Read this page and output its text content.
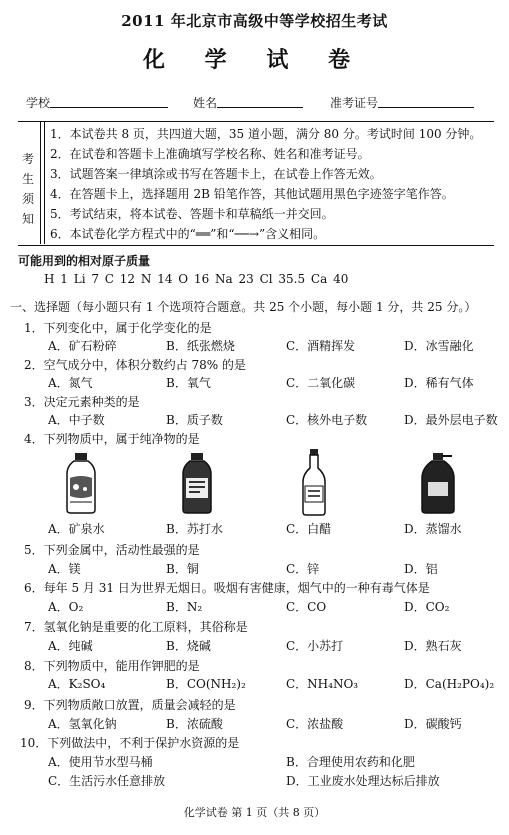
2011 年北京市高级中等学校招生考试
化 学 试 卷
学校	姓名	准考证号
考
生
须
知
1．本试卷共 8 页，共四道大题，35 道小题，满分 80 分。考试时间 100 分钟。
2．在试卷和答题卡上准确填写学校名称、姓名和准考证号。
3．试题答案一律填涂或书写在答题卡上，在试卷上作答无效。
4．在答题卡上，选择题用 2B 铅笔作答，其他试题用黑色字迹签字笔作答。
5．考试结束，将本试卷、答题卡和草稿纸一并交回。
6．本试卷化学方程式中的“══”和“──→”含义相同。
可能用到的相对原子质量
H 1 Li 7 C 12 N 14 O 16 Na 23 Cl 35.5 Ca 40
一、选择题（每小题只有 1 个选项符合题意。共 25 个小题，每小题 1 分，共 25 分。）
1．下列变化中，属于化学变化的是
A．矿石粉碎	B．纸张燃烧	C．酒精挥发	D．冰雪融化
2．空气成分中，体积分数约占 78% 的是
A．氮气	B．氧气	C．二氧化碳	D．稀有气体
3．决定元素种类的是
A．中子数	B．质子数	C．核外电子数	D．最外层电子数
4．下列物质中，属于纯净物的是
A．矿泉水	B．苏打水	C．白醋	D．蒸馏水
5．下列金属中，活动性最强的是
A．镁	B．铜	C．锌	D．铝
6．每年 5 月 31 日为世界无烟日。吸烟有害健康，烟气中的一种有毒气体是
A．O₂	B．N₂	C．CO	D．CO₂
7．氢氧化钠是重要的化工原料，其俗称是
A．纯碱	B．烧碱	C．小苏打	D．熟石灰
8．下列物质中，能用作钾肥的是
A．K₂SO₄	B．CO(NH₂)₂	C．NH₄NO₃	D．Ca(H₂PO₄)₂
9．下列物质敞口放置，质量会减轻的是
A．氢氧化钠	B．浓硫酸	C．浓盐酸	D．碳酸钙
10．下列做法中，不利于保护水资源的是
A．使用节水型马桶	B．合理使用农药和化肥
C．生活污水任意排放	D．工业废水处理达标后排放
化学试卷 第 1 页（共 8 页）
